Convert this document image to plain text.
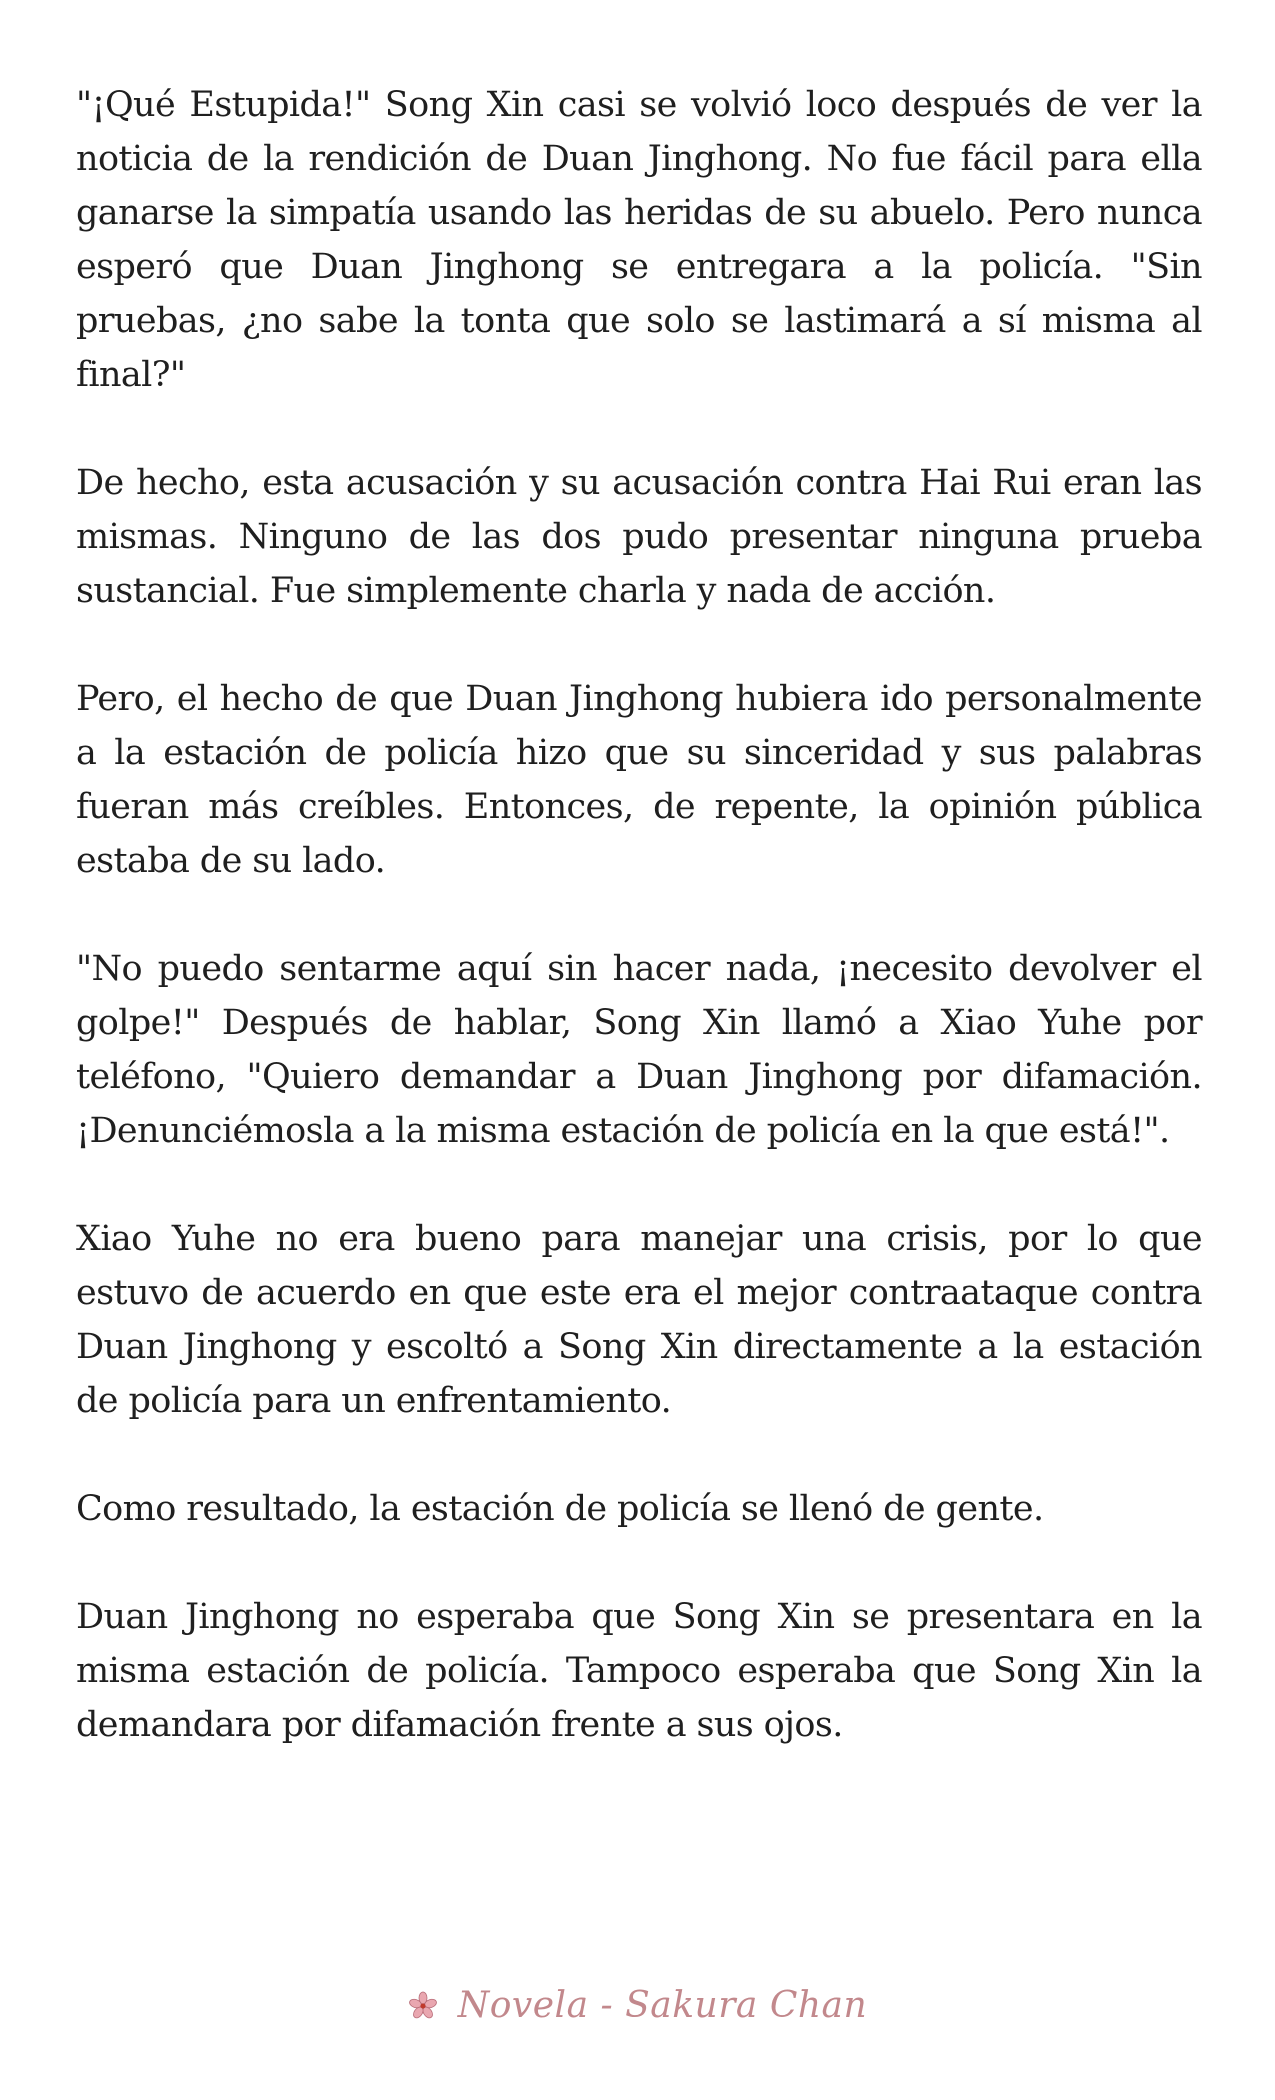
"¡Qué Estupida!" Song Xin casi se volvió loco después de ver la noticia de la rendición de Duan Jinghong. No fue fácil para ella ganarse la simpatía usando las heridas de su abuelo. Pero nunca esperó que Duan Jinghong se entregara a la policía. "Sin pruebas, ¿no sabe la tonta que solo se lastimará a sí misma al final?"

De hecho, esta acusación y su acusación contra Hai Rui eran las mismas. Ninguno de las dos pudo presentar ninguna prueba sustancial. Fue simplemente charla y nada de acción.

Pero, el hecho de que Duan Jinghong hubiera ido personalmente a la estación de policía hizo que su sinceridad y sus palabras fueran más creíbles. Entonces, de repente, la opinión pública estaba de su lado.

"No puedo sentarme aquí sin hacer nada, ¡necesito devolver el golpe!" Después de hablar, Song Xin llamó a Xiao Yuhe por teléfono, "Quiero demandar a Duan Jinghong por difamación. ¡Denunciémosla a la misma estación de policía en la que está!".

Xiao Yuhe no era bueno para manejar una crisis, por lo que estuvo de acuerdo en que este era el mejor contraataque contra Duan Jinghong y escoltó a Song Xin directamente a la estación de policía para un enfrentamiento.

Como resultado, la estación de policía se llenó de gente.

Duan Jinghong no esperaba que Song Xin se presentara en la misma estación de policía. Tampoco esperaba que Song Xin la demandara por difamación frente a sus ojos.

Novela - Sakura Chan
